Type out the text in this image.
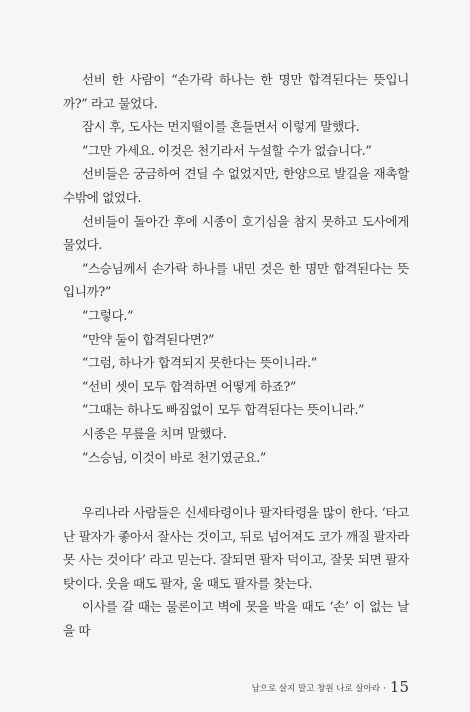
선비 한 사람이 “손가락 하나는 한 명만 합격된다는 뜻입니까?” 라고 물었다.

잠시 후, 도사는 먼지떨이를 흔들면서 이렇게 말했다.

“그만 가세요. 이것은 천기라서 누설할 수가 없습니다.”

선비들은 궁금하여 견딜 수 없었지만, 한양으로 발길을 재촉할 수밖에 없었다.

선비들이 돌아간 후에 시종이 호기심을 참지 못하고 도사에게 물었다.

“스승님께서 손가락 하나를 내민 것은 한 명만 합격된다는 뜻입니까?”

“그렇다.”

“만약 둘이 합격된다면?”

“그럼, 하나가 합격되지 못한다는 뜻이니라.”

“선비 셋이 모두 합격하면 어떻게 하죠?”

“그때는 하나도 빠짐없이 모두 합격된다는 뜻이니라.”

시종은 무릎을 치며 말했다.

“스승님, 이것이 바로 천기였군요.”

우리나라 사람들은 신세타령이나 팔자타령을 많이 한다. ‘타고난 팔자가 좋아서 잘사는 것이고, 뒤로 넘어져도 코가 깨질 팔자라 못 사는 것이다’ 라고 믿는다. 잘되면 팔자 덕이고, 잘못 되면 팔자 탓이다. 웃을 때도 팔자, 울 때도 팔자를 찾는다.

이사를 갈 때는 물론이고 벽에 못을 박을 때도 ‘손’ 이 없는 날을 따

남으로 살지 말고 창원 나로 살아라 · 15
